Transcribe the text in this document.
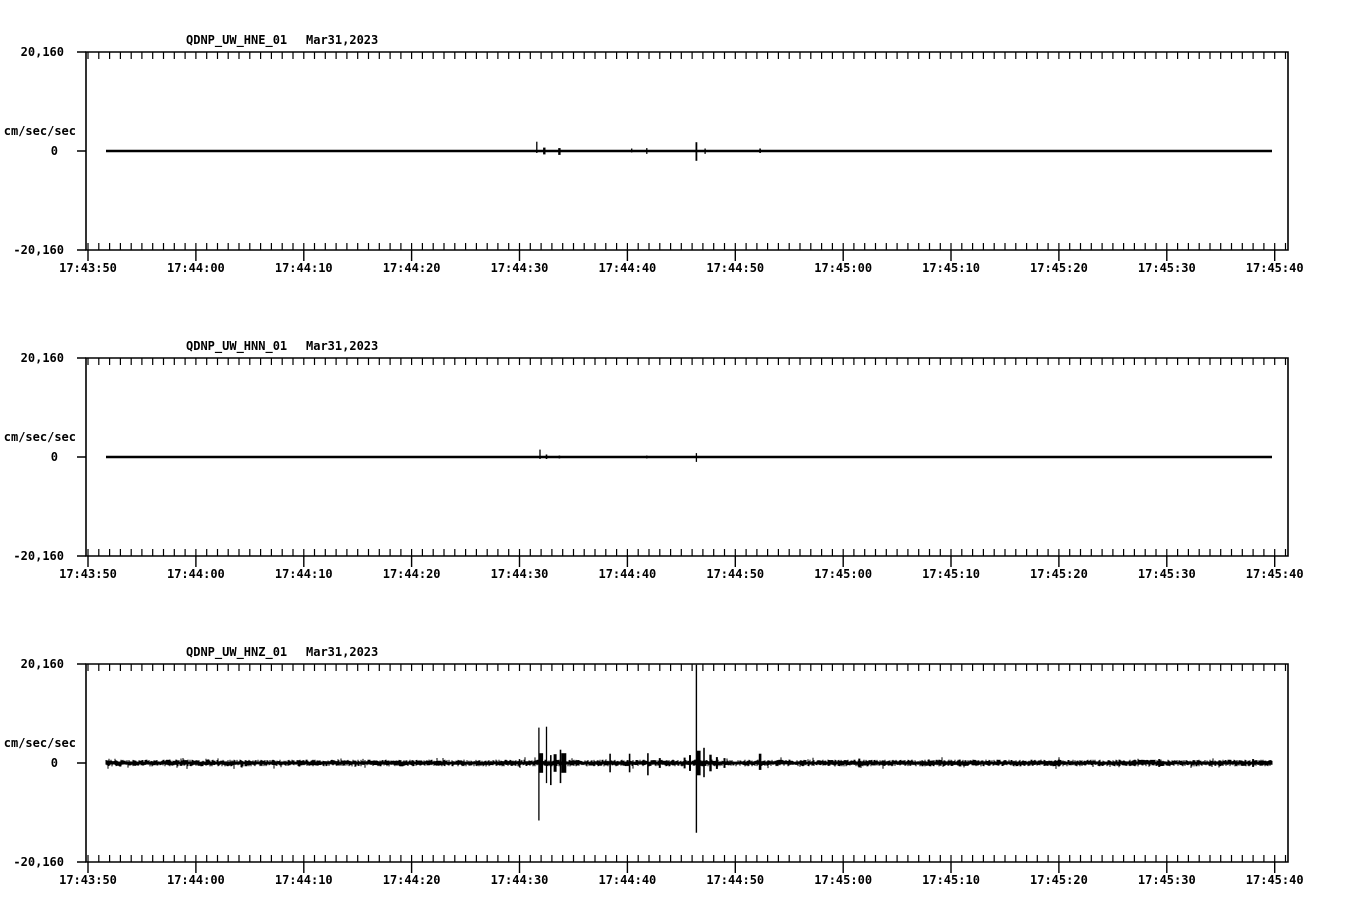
QDNP_UW_HNE_01 Mar31,2023
20,160
cm/sec/sec
0
-20,160
17:43:50	17:44:00	17:44:10	17:44:20	17:44:30	17:44:40	17:44:50	17:45:00	17:45:10	17:45:20	17:45:30	17:45:40
QDNP_UW_HNN_01 Mar31,2023
20,160
cm/sec/sec
0
-20,160
17:43:50	17:44:00	17:44:10	17:44:20	17:44:30	17:44:40	17:44:50	17:45:00	17:45:10	17:45:20	17:45:30	17:45:40
QDNP_UW_HNZ_01 Mar31,2023
20,160
cm/sec/sec
0
-20,160
17:43:50	17:44:00	17:44:10	17:44:20	17:44:30	17:44:40	17:44:50	17:45:00	17:45:10	17:45:20	17:45:30	17:45:40
